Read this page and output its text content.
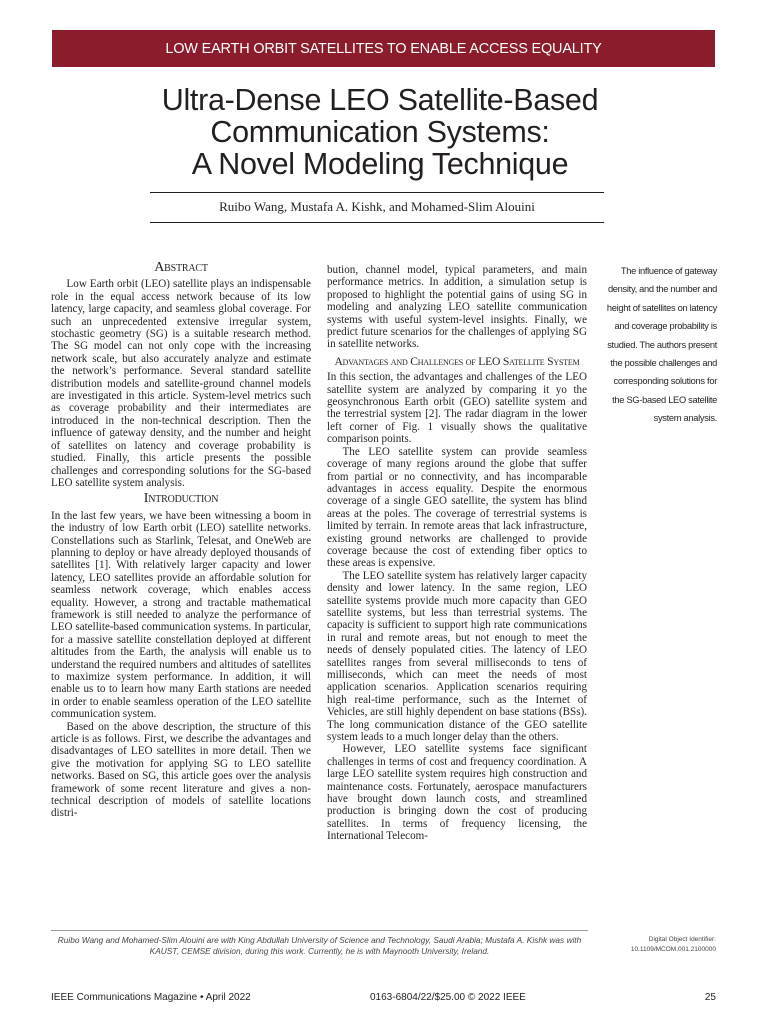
LOW EARTH ORBIT SATELLITES TO ENABLE ACCESS EQUALITY
Ultra-Dense LEO Satellite-Based
Communication Systems:
A Novel Modeling Technique
Ruibo Wang, Mustafa A. Kishk, and Mohamed-Slim Alouini
Abstract

Low Earth orbit (LEO) satellite plays an indispensable role in the equal access network because of its low latency, large capacity, and seamless global coverage. For such an unprecedented extensive irregular system, stochastic geometry (SG) is a suitable research method. The SG model can not only cope with the increasing network scale, but also accurately analyze and estimate the network’s performance. Several standard satellite distribution models and satellite-ground channel models are investigated in this article. System-level metrics such as coverage probability and their intermediates are introduced in the non-technical description. Then the influence of gateway density, and the number and height of satellites on latency and coverage probability is studied. Finally, this article presents the possible challenges and corresponding solutions for the SG-based LEO satellite system analysis.

Introduction

In the last few years, we have been witnessing a boom in the industry of low Earth orbit (LEO) satellite networks. Constellations such as Starlink, Telesat, and OneWeb are planning to deploy or have already deployed thousands of satellites [1]. With relatively larger capacity and lower latency, LEO satellites provide an affordable solution for seamless network coverage, which enables access equality. However, a strong and tractable mathematical framework is still needed to analyze the performance of LEO satellite-based communication systems. In particular, for a massive satellite constellation deployed at different altitudes from the Earth, the analysis will enable us to understand the required numbers and altitudes of satellites to maximize system performance. In addition, it will enable us to to learn how many Earth stations are needed in order to enable seamless operation of the LEO satellite communication system.

Based on the above description, the structure of this article is as follows. First, we describe the advantages and disadvantages of LEO satellites in more detail. Then we give the motivation for applying SG to LEO satellite networks. Based on SG, this article goes over the analysis framework of some recent literature and gives a non-technical description of models of satellite locations distri-

bution, channel model, typical parameters, and main performance metrics. In addition, a simulation setup is proposed to highlight the potential gains of using SG in modeling and analyzing LEO satellite communication systems with useful system-level insights. Finally, we predict future scenarios for the challenges of applying SG in satellite networks.

Advantages and Challenges of LEO Satellite System

In this section, the advantages and challenges of the LEO satellite system are analyzed by comparing it yo the geosynchronous Earth orbit (GEO) satellite system and the terrestrial system [2]. The radar diagram in the lower left corner of Fig. 1 visually shows the qualitative comparison points.

The LEO satellite system can provide seamless coverage of many regions around the globe that suffer from partial or no connectivity, and has incomparable advantages in access equality. Despite the enormous coverage of a single GEO satellite, the system has blind areas at the poles. The coverage of terrestrial systems is limited by terrain. In remote areas that lack infrastructure, existing ground networks are challenged to provide coverage because the cost of extending fiber optics to these areas is expensive.

The LEO satellite system has relatively larger capacity density and lower latency. In the same region, LEO satellite systems provide much more capacity than GEO satellite systems, but less than terrestrial systems. The capacity is sufficient to support high rate communications in rural and remote areas, but not enough to meet the needs of densely populated cities. The latency of LEO satellites ranges from several milliseconds to tens of milliseconds, which can meet the needs of most application scenarios. Application scenarios requiring high real-time performance, such as the Internet of Vehicles, are still highly dependent on base stations (BSs). The long communication distance of the GEO satellite system leads to a much longer delay than the others.

However, LEO satellite systems face significant challenges in terms of cost and frequency coordination. A large LEO satellite system requires high construction and maintenance costs. Fortunately, aerospace manufacturers have brought down launch costs, and streamlined production is bringing down the cost of producing satellites. In terms of frequency licensing, the International Telecom-

The influence of gateway density, and the number and height of satellites on latency and coverage probability is studied. The authors present the possible challenges and corresponding solutions for the SG-based LEO satellite system analysis.
Ruibo Wang and Mohamed-Slim Alouini are with King Abdullah University of Science and Technology, Saudi Arabia; Mustafa A. Kishk was with KAUST, CEMSE division, during this work. Currently, he is with Maynooth University, Ireland.
Digital Object Identifier:
10.1109/MCOM.001.2100000
IEEE Communications Magazine • April 2022	0163-6804/22/$25.00 © 2022 IEEE	25
